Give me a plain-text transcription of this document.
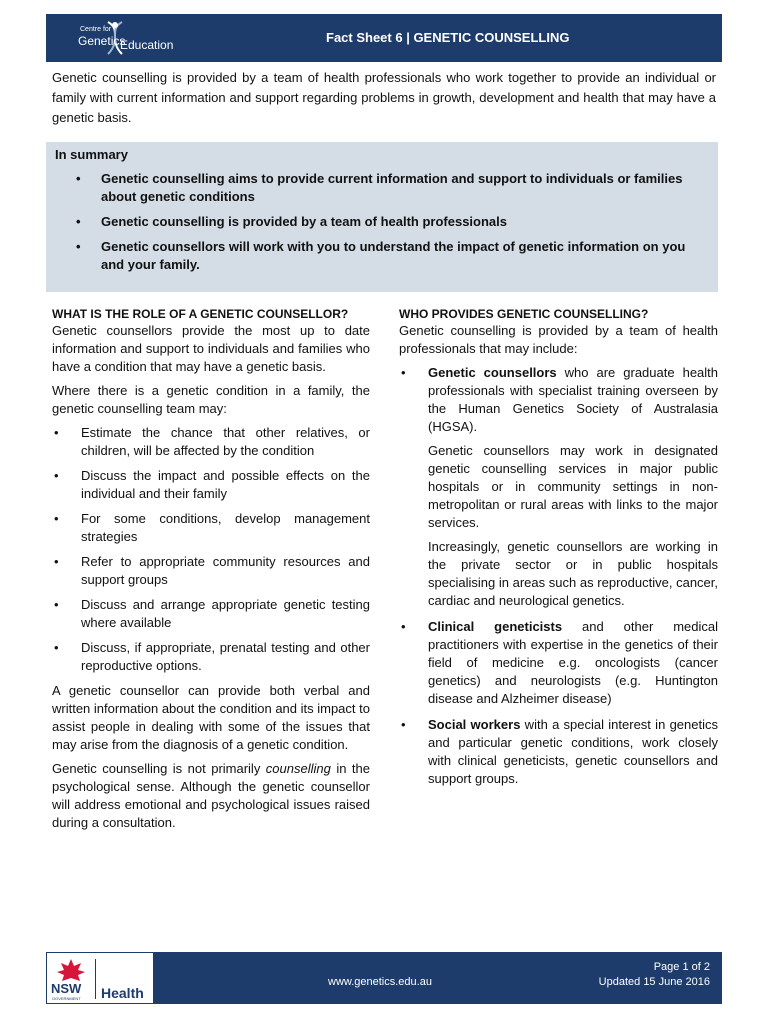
Centre for
Genetics
Education	Fact Sheet 6 | GENETIC COUNSELLING

Genetic counselling is provided by a team of health professionals who work together to provide an individual or family with current information and support regarding problems in growth, development and health that may have a genetic basis.

In summary
• Genetic counselling aims to provide current information and support to individuals or families about genetic conditions
• Genetic counselling is provided by a team of health professionals
• Genetic counsellors will work with you to understand the impact of genetic information on you and your family.
WHAT IS THE ROLE OF A GENETIC COUNSELLOR?

Genetic counsellors provide the most up to date information and support to individuals and families who have a condition that may have a genetic basis.

Where there is a genetic condition in a family, the genetic counselling team may:

• Estimate the chance that other relatives, or children, will be affected by the condition
• Discuss the impact and possible effects on the individual and their family
• For some conditions, develop management strategies
• Refer to appropriate community resources and support groups
• Discuss and arrange appropriate genetic testing where available
• Discuss, if appropriate, prenatal testing and other reproductive options.

A genetic counsellor can provide both verbal and written information about the condition and its impact to assist people in dealing with some of the issues that may arise from the diagnosis of a genetic condition.

Genetic counselling is not primarily counselling in the psychological sense. Although the genetic counsellor will address emotional and psychological issues raised during a consultation.

WHO PROVIDES GENETIC COUNSELLING?

Genetic counselling is provided by a team of health professionals that may include:

• Genetic counsellors who are graduate health professionals with specialist training overseen by the Human Genetics Society of Australasia (HGSA).

Genetic counsellors may work in designated genetic counselling services in major public hospitals or in community settings in non-metropolitan or rural areas with links to the major services.

Increasingly, genetic counsellors are working in the private sector or in public hospitals specialising in areas such as reproductive, cancer, cardiac and neurological genetics.

• Clinical geneticists and other medical practitioners with expertise in the genetics of their field of medicine e.g. oncologists (cancer genetics) and neurologists (e.g. Huntington disease and Alzheimer disease)

• Social workers with a special interest in genetics and particular genetic conditions, work closely with clinical geneticists, genetic counsellors and support groups.

NSW
GOVERNMENT Health
www.genetics.edu.au
Page 1 of 2
Updated 15 June 2016
